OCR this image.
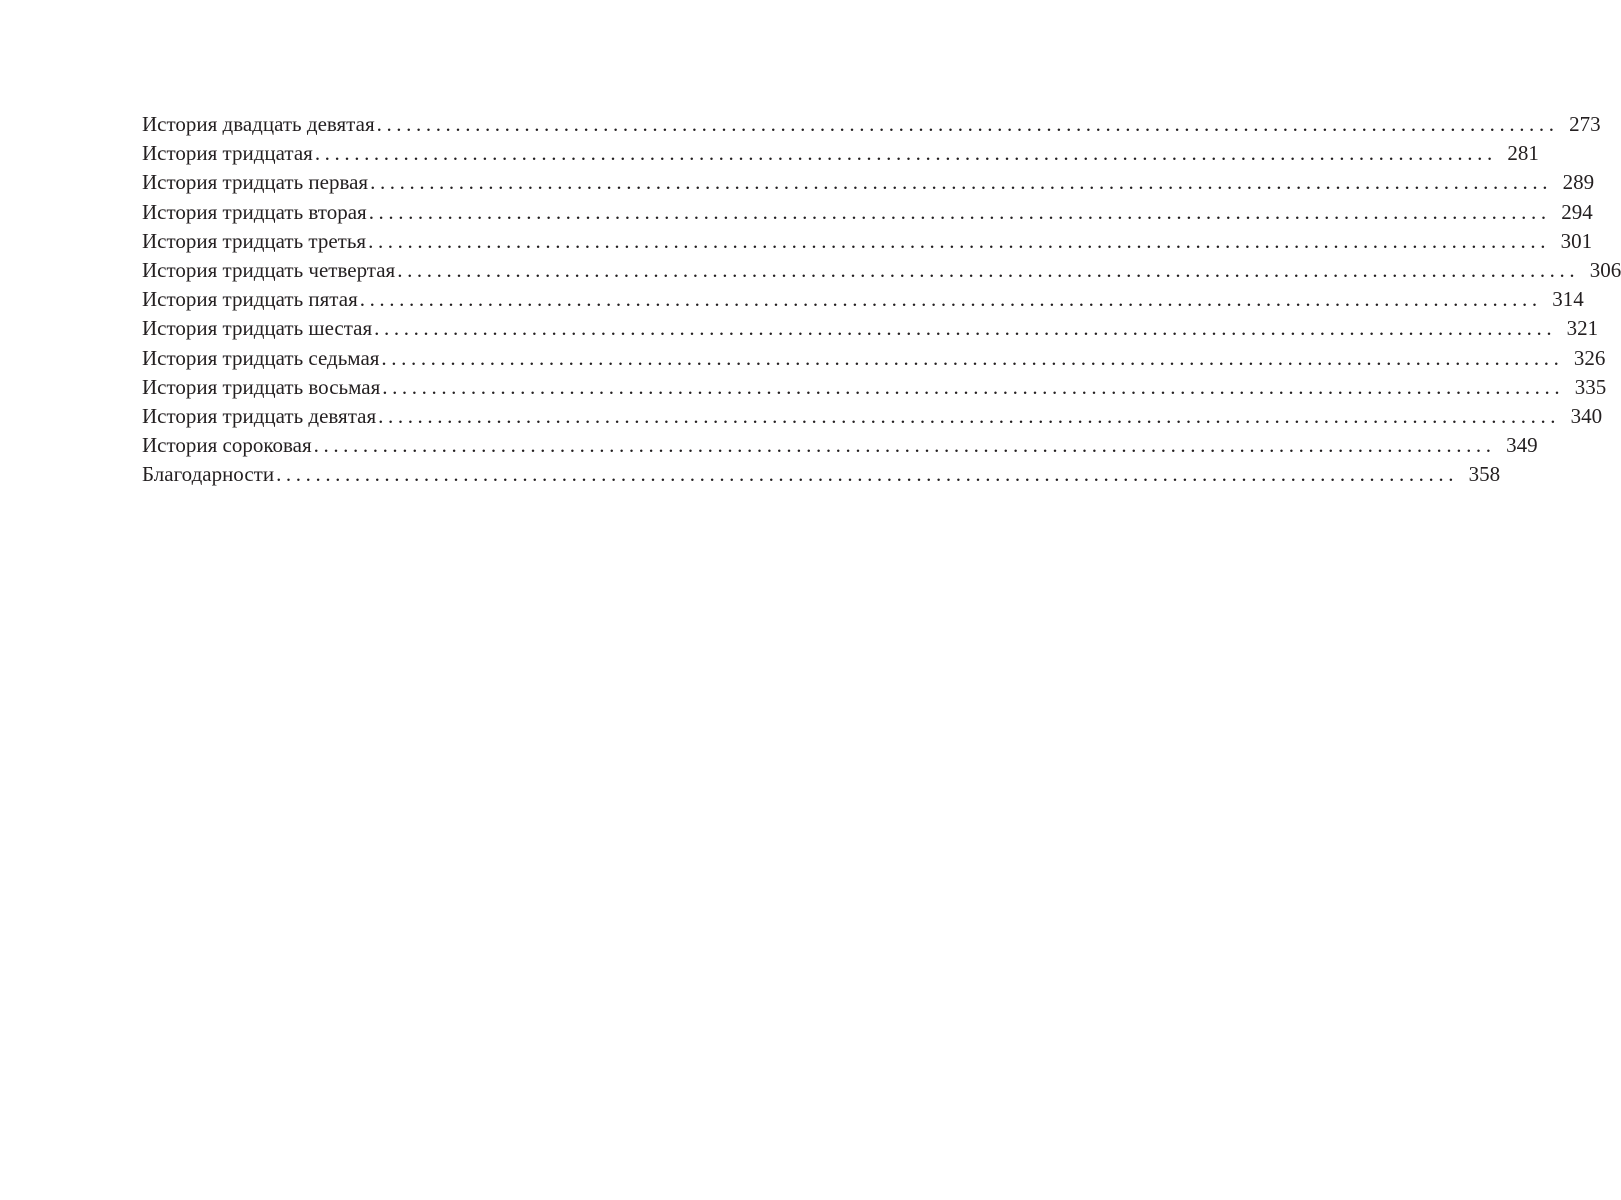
История двадцать девятая ........................................................................................................................ 273
История тридцатая ........................................................................................................................ 281
История тридцать первая ........................................................................................................................ 289
История тридцать вторая ........................................................................................................................ 294
История тридцать третья ........................................................................................................................ 301
История тридцать четвертая ........................................................................................................................ 306
История тридцать пятая ........................................................................................................................ 314
История тридцать шестая ........................................................................................................................ 321
История тридцать седьмая ........................................................................................................................ 326
История тридцать восьмая ........................................................................................................................ 335
История тридцать девятая ........................................................................................................................ 340
История сороковая ........................................................................................................................ 349
Благодарности ........................................................................................................................ 358
